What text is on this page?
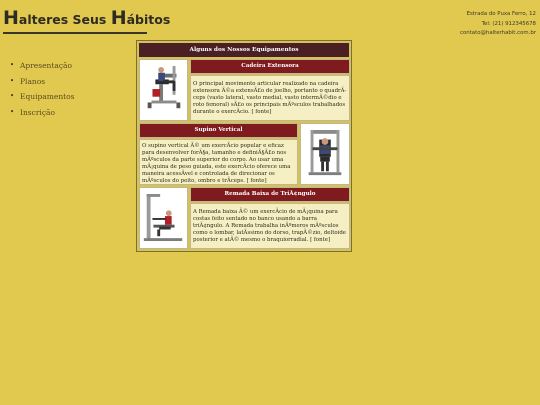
Halteres Seus Hábitos	Estrada do Puxa Ferro, 12
Tel: (21) 912345678
contato@halterhabit.com.br
• Apresentação
• Planos
• Equipamentos
• Inscrição
Alguns dos Nossos Equipamentos
Cadeira Extensora
O principal movimento articular realizado na cadeira extensora Ã©a extensÃ£o de joelho, portanto o quadrÃceps (vasto lateral, vasto medial, vasto intermÃ©dio e roto femoral) sÃ£o os principais mÃºsculos trabalhados durante o exercÃcio. [ fonte]
Supino Vertical
O supino vertical Ã© um exercÃcio popular e eficaz para desenvolver forÃ§a, tamanho e definiÃ§Ã£o nos mÃºsculos da parte superior do corpo. Ao usar uma mÃ¡quina de peso guiada, este exercÃcio oferece uma maneira acessÃvel e controlada de direcionar os mÃºsculos do peito, ombro e trÃceps. [ fonte]
Remada Baixa de TriÃ¢ngulo
A Remada baixa Ã© um exercÃcio de mÃ¡quina para costas feito sentado no banco usando a barra triÃ¢ngulo. A Remada trabalha inÃºmeros mÃºsculos como o lombar, latÃssimo do dorso, trapÃ©zio, deltoide posterior e atÃ© mesmo o braquiorradial. [ fonte]
